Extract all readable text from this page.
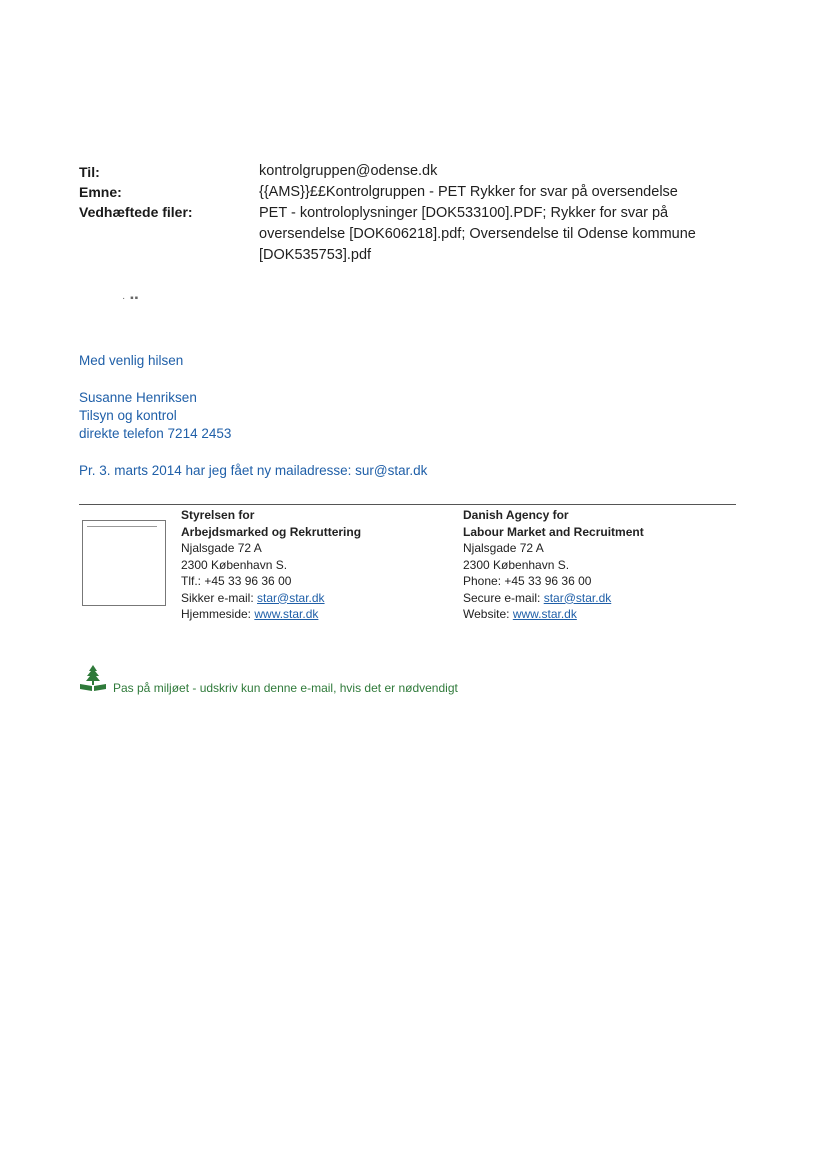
Til:	kontrolgruppen@odense.dk
Emne:	{{AMS}}££Kontrolgruppen - PET Rykker for svar på oversendelse
Vedhæftede filer:	PET - kontroloplysninger [DOK533100].PDF; Rykker for svar på
oversendelse [DOK606218].pdf; Oversendelse til Odense kommune
[DOK535753].pdf
· ▪▪
Med venlig hilsen
Susanne Henriksen
Tilsyn og kontrol
direkte telefon 7214 2453
Pr. 3. marts 2014 har jeg fået ny mailadresse: sur@star.dk
Styrelsen for
Arbejdsmarked og Rekruttering
Njalsgade 72 A
2300 København S.
Tlf.: +45 33 96 36 00
Sikker e-mail: star@star.dk
Hjemmeside: www.star.dk
Danish Agency for
Labour Market and Recruitment
Njalsgade 72 A
2300 København S.
Phone: +45 33 96 36 00
Secure e-mail: star@star.dk
Website: www.star.dk
Pas på miljøet - udskriv kun denne e-mail, hvis det er nødvendigt
